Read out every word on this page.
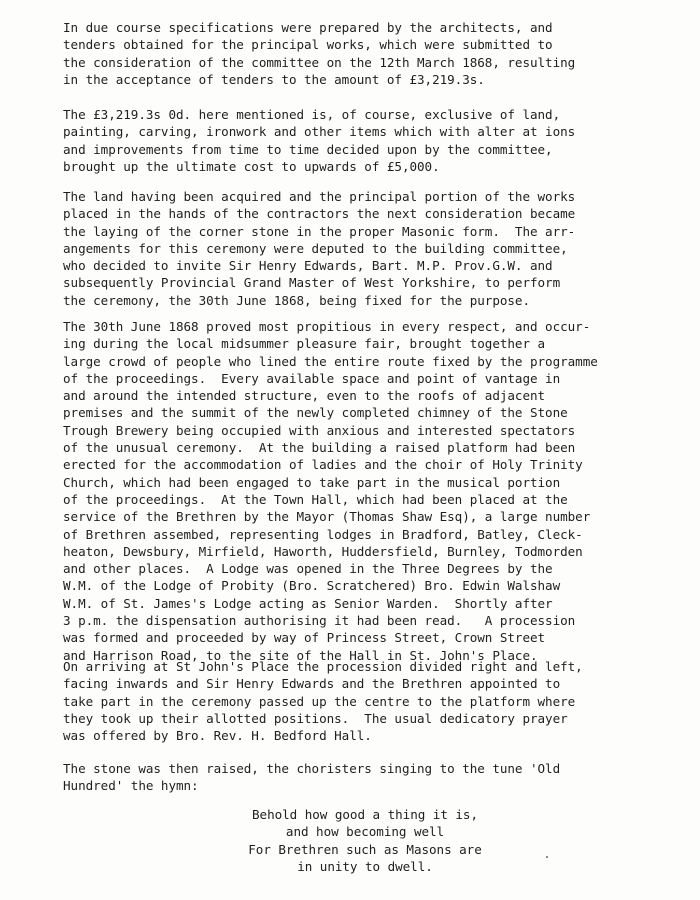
In due course specifications were prepared by the architects, and
tenders obtained for the principal works, which were submitted to
the consideration of the committee on the 12th March 1868, resulting
in the acceptance of tenders to the amount of £3,219.3s.
The £3,219.3s 0d. here mentioned is, of course, exclusive of land,
painting, carving, ironwork and other items which with alter at ions
and improvements from time to time decided upon by the committee,
brought up the ultimate cost to upwards of £5,000.
The land having been acquired and the principal portion of the works
placed in the hands of the contractors the next consideration became
the laying of the corner stone in the proper Masonic form.  The arr-
angements for this ceremony were deputed to the building committee,
who decided to invite Sir Henry Edwards, Bart. M.P. Prov.G.W. and
subsequently Provincial Grand Master of West Yorkshire, to perform
the ceremony, the 30th June 1868, being fixed for the purpose.
The 30th June 1868 proved most propitious in every respect, and occur-
ing during the local midsummer pleasure fair, brought together a
large crowd of people who lined the entire route fixed by the programme
of the proceedings.  Every available space and point of vantage in
and around the intended structure, even to the roofs of adjacent
premises and the summit of the newly completed chimney of the Stone
Trough Brewery being occupied with anxious and interested spectators
of the unusual ceremony.  At the building a raised platform had been
erected for the accommodation of ladies and the choir of Holy Trinity
Church, which had been engaged to take part in the musical portion
of the proceedings.  At the Town Hall, which had been placed at the
service of the Brethren by the Mayor (Thomas Shaw Esq), a large number
of Brethren assembed, representing lodges in Bradford, Batley, Cleck-
heaton, Dewsbury, Mirfield, Haworth, Huddersfield, Burnley, Todmorden
and other places.  A Lodge was opened in the Three Degrees by the
W.M. of the Lodge of Probity (Bro. Scratchered) Bro. Edwin Walshaw
W.M. of St. James's Lodge acting as Senior Warden.  Shortly after
3 p.m. the dispensation authorising it had been read.   A procession
was formed and proceeded by way of Princess Street, Crown Street
and Harrison Road, to the site of the Hall in St. John's Place.
On arriving at St John's Place the procession divided right and left,
facing inwards and Sir Henry Edwards and the Brethren appointed to
take part in the ceremony passed up the centre to the platform where
they took up their allotted positions.  The usual dedicatory prayer
was offered by Bro. Rev. H. Bedford Hall.
The stone was then raised, the choristers singing to the tune 'Old
Hundred' the hymn:
Behold how good a thing it is,
and how becoming well
For Brethren such as Masons are
in unity to dwell.
